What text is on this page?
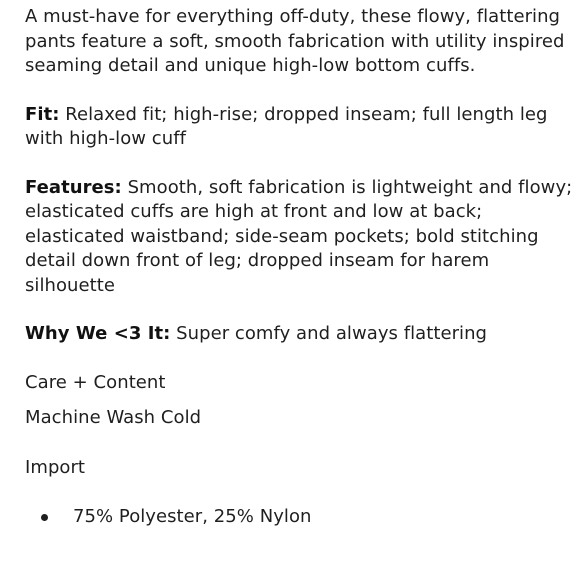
A must-have for everything off-duty, these flowy, flattering pants feature a soft, smooth fabrication with utility inspired seaming detail and unique high-low bottom cuffs.

Fit: Relaxed fit; high-rise; dropped inseam; full length leg with high-low cuff

Features: Smooth, soft fabrication is lightweight and flowy; elasticated cuffs are high at front and low at back; elasticated waistband; side-seam pockets; bold stitching detail down front of leg; dropped inseam for harem silhouette

Why We <3 It: Super comfy and always flattering

Care + Content

Machine Wash Cold

Import

75% Polyester, 25% Nylon
